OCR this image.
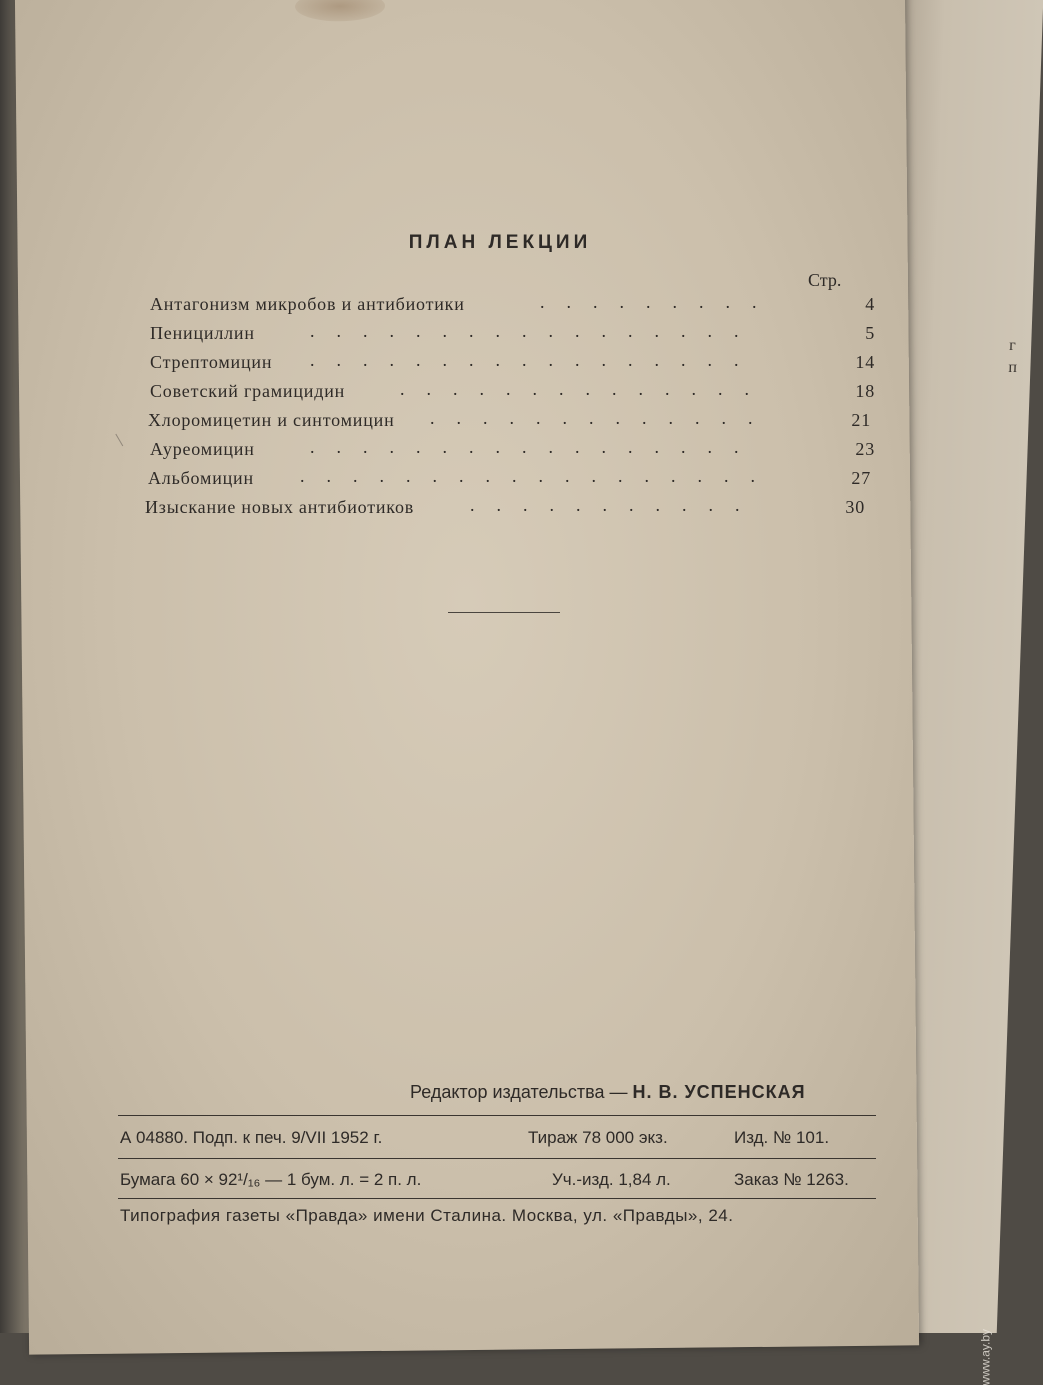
г
п
ПЛАН ЛЕКЦИИ
Стр.
Антагонизм микробов и антибиотики	.........	4
Пенициллин	.................	5
Стрептомицин .................	14
Советский грамицидин	..............	18
Хлоромицетин и синтомицин .............	21
Ауреомицин	.................	23
Альбомицин	..................	27
Изыскание новых антибиотиков	...........	30
Редактор издательства — Н. В. УСПЕНСКАЯ
А 04880. Подп. к печ. 9/VII 1952 г.	Тираж 78 000 экз.	Изд. № 101.
Бумага 60 × 92¹/₁₆ — 1 бум. л. = 2 п. л.	Уч.-изд. 1,84 л.	Заказ № 1263.
Типография газеты «Правда» имени Сталина. Москва, ул. «Правды», 24.
www.ay.by
